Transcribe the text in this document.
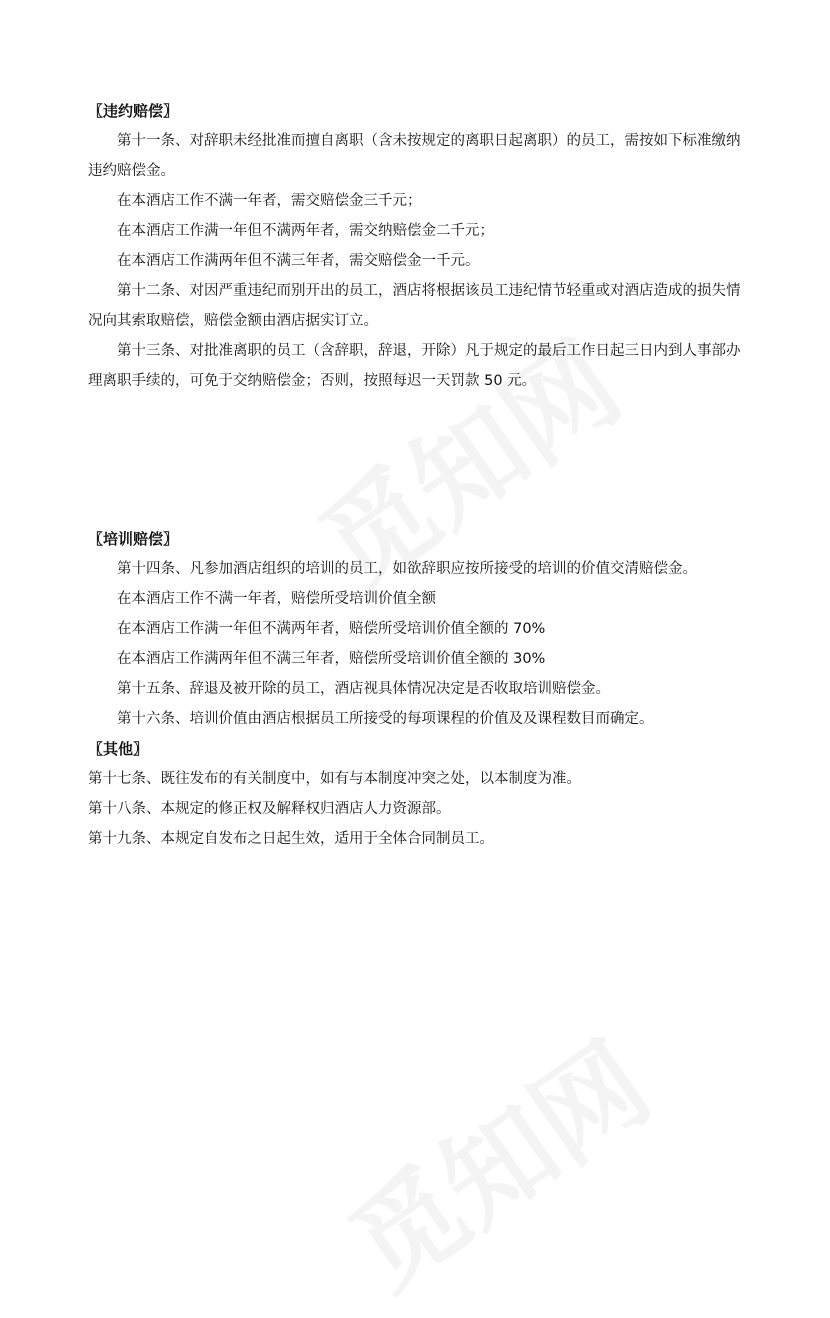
〖违约赔偿〗

第十一条、对辞职未经批准而擅自离职（含未按规定的离职日起离职）的员工，需按如下标准缴纳违约赔偿金。

在本酒店工作不满一年者，需交赔偿金三千元；

在本酒店工作满一年但不满两年者，需交纳赔偿金二千元；

在本酒店工作满两年但不满三年者，需交赔偿金一千元。

第十二条、对因严重违纪而别开出的员工，酒店将根据该员工违纪情节轻重或对酒店造成的损失情况向其索取赔偿，赔偿金额由酒店据实订立。

第十三条、对批准离职的员工（含辞职，辞退，开除）凡于规定的最后工作日起三日内到人事部办理离职手续的，可免于交纳赔偿金；否则，按照每迟一天罚款 50 元。

〖培训赔偿〗

第十四条、凡参加酒店组织的培训的员工，如欲辞职应按所接受的培训的价值交清赔偿金。

在本酒店工作不满一年者，赔偿所受培训价值全额

在本酒店工作满一年但不满两年者，赔偿所受培训价值全额的 70%

在本酒店工作满两年但不满三年者，赔偿所受培训价值全额的 30%

第十五条、辞退及被开除的员工，酒店视具体情况决定是否收取培训赔偿金。

第十六条、培训价值由酒店根据员工所接受的每项课程的价值及及课程数目而确定。

〖其他〗

第十七条、既往发布的有关制度中，如有与本制度冲突之处，以本制度为准。

第十八条、本规定的修正权及解释权归酒店人力资源部。

第十九条、本规定自发布之日起生效，适用于全体合同制员工。
